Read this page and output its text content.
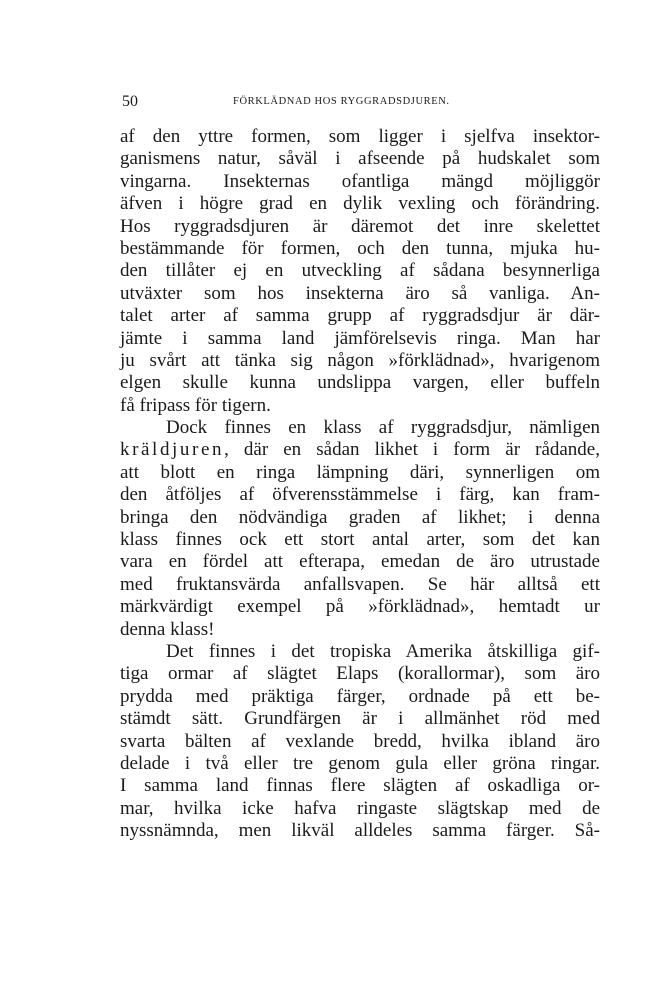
50	FÖRKLÄDNAD HOS RYGGRADSDJUREN.
af den yttre formen, som ligger i sjelfva insektor-
ganismens natur, såväl i afseende på hudskalet som
vingarna. Insekternas ofantliga mängd möjliggör
äfven i högre grad en dylik vexling och förändring.
Hos ryggradsdjuren är däremot det inre skelettet
bestämmande för formen, och den tunna, mjuka hu-
den tillåter ej en utveckling af sådana besynnerliga
utväxter som hos insekterna äro så vanliga. An-
talet arter af samma grupp af ryggradsdjur är där-
jämte i samma land jämförelsevis ringa. Man har
ju svårt att tänka sig någon »förklädnad», hvarigenom
elgen skulle kunna undslippa vargen, eller buffeln
få fripass för tigern.
Dock finnes en klass af ryggradsdjur, nämligen
kräldjuren, där en sådan likhet i form är rådande,
att blott en ringa lämpning däri, synnerligen om
den åtföljes af öfverensstämmelse i färg, kan fram-
bringa den nödvändiga graden af likhet; i denna
klass finnes ock ett stort antal arter, som det kan
vara en fördel att efterapa, emedan de äro utrustade
med fruktansvärda anfallsvapen. Se här alltså ett
märkvärdigt exempel på »förklädnad», hemtadt ur
denna klass!
Det finnes i det tropiska Amerika åtskilliga gif-
tiga ormar af slägtet Elaps (korallormar), som äro
prydda med präktiga färger, ordnade på ett be-
stämdt sätt. Grundfärgen är i allmänhet röd med
svarta bälten af vexlande bredd, hvilka ibland äro
delade i två eller tre genom gula eller gröna ringar.
I samma land finnas flere slägten af oskadliga or-
mar, hvilka icke hafva ringaste slägtskap med de
nyssnämnda, men likväl alldeles samma färger. Så-
